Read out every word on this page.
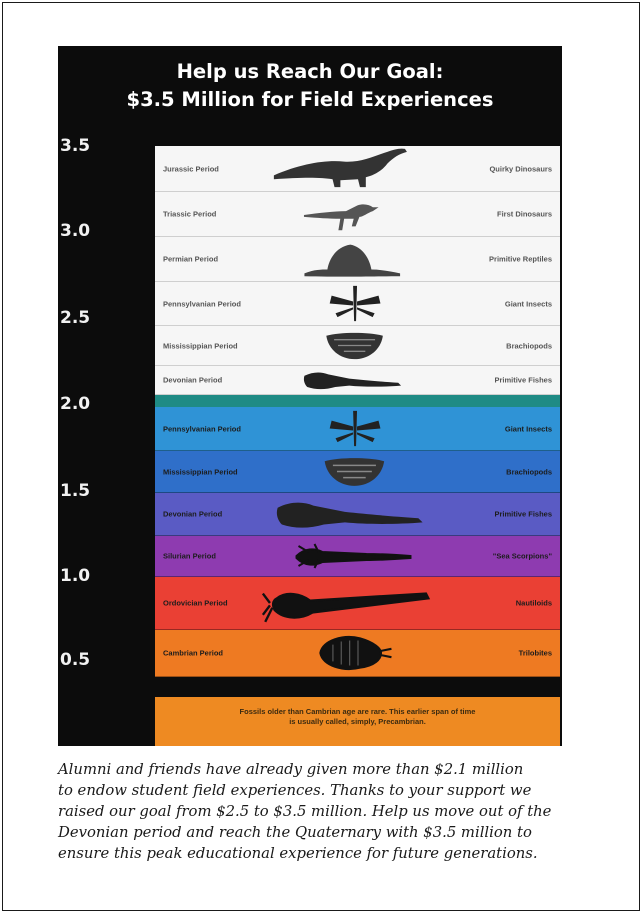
Help us Reach Our Goal:
$3.5 Million for Field Experiences
3.5
3.0
2.5
2.0
1.5
1.0
0.5
Jurassic Period	Quirky Dinosaurs
Triassic Period	First Dinosaurs
Permian Period	Primitive Reptiles
Pennsylvanian Period	Giant Insects
Mississippian Period	Brachiopods
Devonian Period	Primitive Fishes
Pennsylvanian Period	Giant Insects
Mississippian Period	Brachiopods
Devonian Period	Primitive Fishes
Silurian Period	"Sea Scorpions"
Ordovician Period	Nautiloids
Cambrian Period	Trilobites
Fossils older than Cambrian age are rare. This earlier span of time
is usually called, simply, Precambrian.
Alumni and friends have already given more than $2.1 million
to endow student field experiences. Thanks to your support we
raised our goal from $2.5 to $3.5 million. Help us move out of the
Devonian period and reach the Quaternary with $3.5 million to
ensure this peak educational experience for future generations.
